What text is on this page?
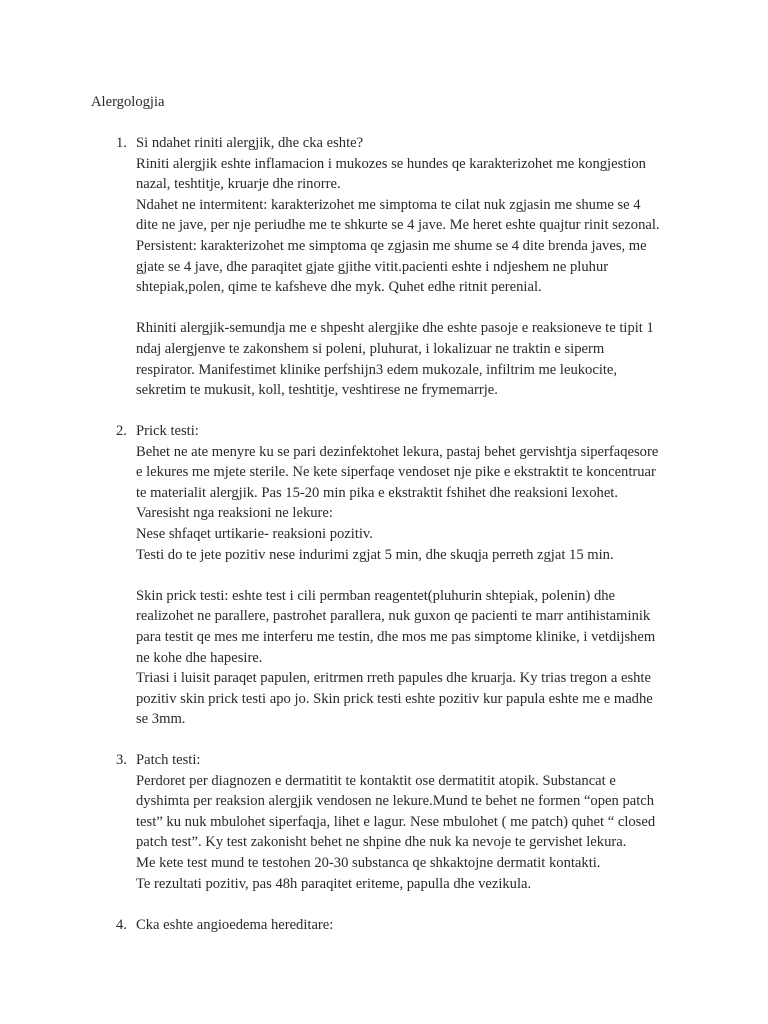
Alergologjia
1. Si ndahet riniti alergjik, dhe cka eshte?
Riniti alergjik eshte inflamacion i mukozes se hundes qe karakterizohet me kongjestion
nazal, teshtitje, kruarje dhe rinorre.
Ndahet ne intermitent: karakterizohet me simptoma te cilat nuk zgjasin me shume se 4
dite ne jave, per nje periudhe me te shkurte se 4 jave. Me heret eshte quajtur rinit sezonal.
Persistent: karakterizohet me simptoma qe zgjasin me shume se 4 dite brenda javes, me
gjate se 4 jave, dhe paraqitet gjate gjithe vitit.pacienti eshte i ndjeshem ne pluhur
shtepiak,polen, qime te kafsheve dhe myk. Quhet edhe ritnit perenial.
Rhiniti alergjik-semundja me e shpesht alergjike dhe eshte pasoje e reaksioneve te tipit 1
ndaj alergjenve te zakonshem si poleni, pluhurat, i lokalizuar ne traktin e siperm
respirator. Manifestimet klinike perfshijn3 edem mukozale, infiltrim me leukocite,
sekretim te mukusit, koll, teshtitje, veshtirese ne frymemarrje.
2. Prick testi:
Behet ne ate menyre ku se pari dezinfektohet lekura, pastaj behet gervishtja siperfaqesore
e lekures me mjete sterile. Ne kete siperfaqe vendoset nje pike e ekstraktit te koncentruar
te materialit alergjik. Pas 15-20 min pika e ekstraktit fshihet dhe reaksioni lexohet.
Varesisht nga reaksioni ne lekure:
Nese shfaqet urtikarie- reaksioni pozitiv.
Testi do te jete pozitiv nese indurimi zgjat 5 min, dhe skuqja perreth zgjat 15 min.
Skin prick testi: eshte test i cili permban reagentet(pluhurin shtepiak, polenin) dhe
realizohet ne parallere, pastrohet parallera, nuk guxon qe pacienti te marr antihistaminik
para testit qe mes me interferu me testin, dhe mos me pas simptome klinike, i vetdijshem
ne kohe dhe hapesire.
Triasi i luisit paraqet papulen, eritrmen rreth papules dhe kruarja. Ky trias tregon a eshte
pozitiv skin prick testi apo jo. Skin prick testi eshte pozitiv kur papula eshte me e madhe
se 3mm.
3. Patch testi:
Perdoret per diagnozen e dermatitit te kontaktit ose dermatitit atopik. Substancat e
dyshimta per reaksion alergjik vendosen ne lekure.Mund te behet ne formen “open patch
test” ku nuk mbulohet siperfaqja, lihet e lagur. Nese mbulohet ( me patch) quhet “ closed
patch test”. Ky test zakonisht behet ne shpine dhe nuk ka nevoje te gervishet lekura.
Me kete test mund te testohen 20-30 substanca qe shkaktojne dermatit kontakti.
Te rezultati pozitiv, pas 48h paraqitet eriteme, papulla dhe vezikula.
4. Cka eshte angioedema hereditare:
